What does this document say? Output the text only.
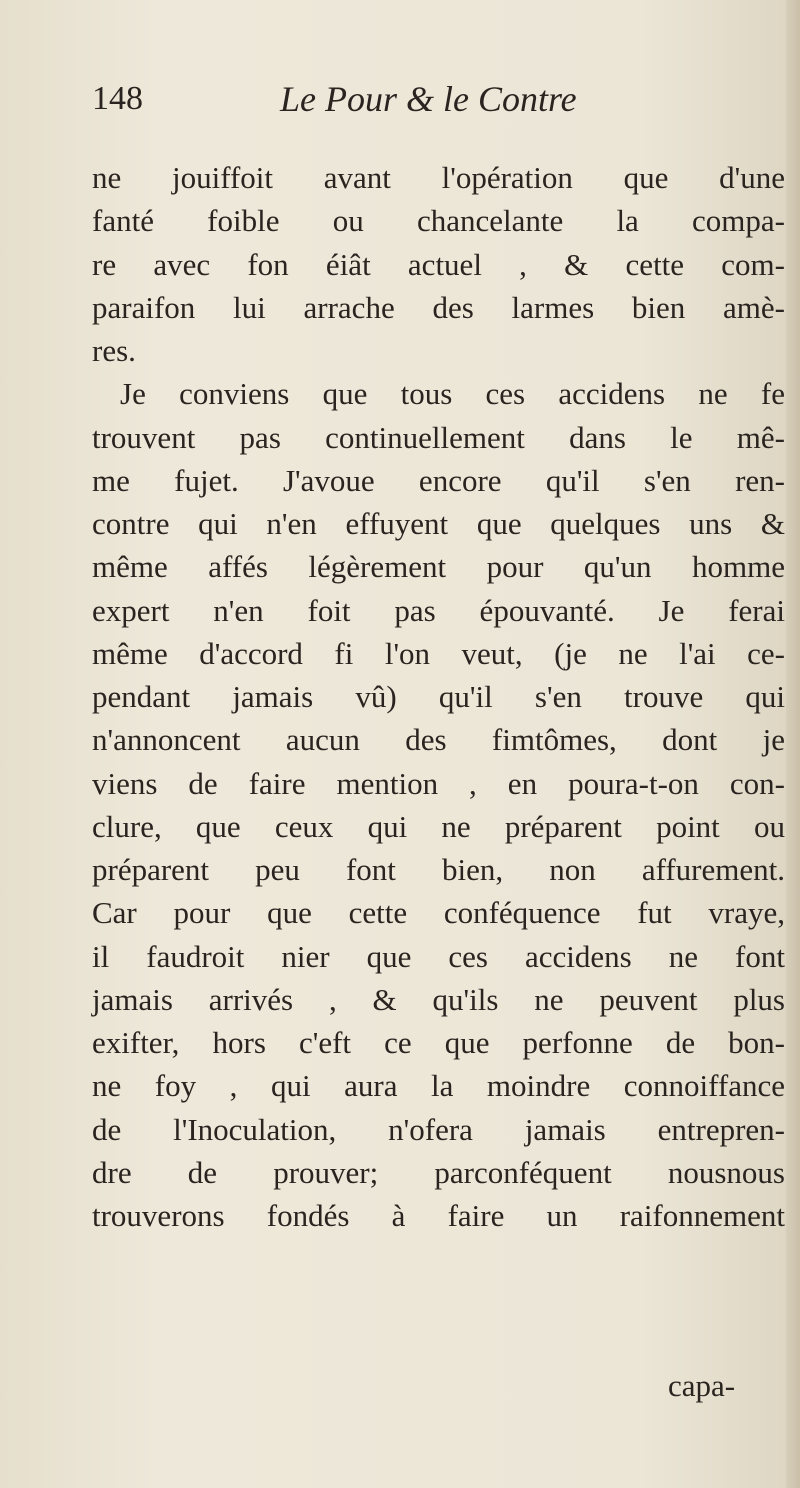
148	Le Pour & le Contre
ne jouiffoit avant l'opération que d'une
fanté foible ou chancelante la compa-
re avec fon éiât actuel , & cette com-
paraifon lui arrache des larmes bien amè-
res.
Je conviens que tous ces accidens ne fe
trouvent pas continuellement dans le mê-
me fujet. J'avoue encore qu'il s'en ren-
contre qui n'en effuyent que quelques uns &
même affés légèrement pour qu'un homme
expert n'en foit pas épouvanté. Je ferai
même d'accord fi l'on veut, (je ne l'ai ce-
pendant jamais vû) qu'il s'en trouve qui
n'annoncent aucun des fimtômes, dont je
viens de faire mention , en poura-t-on con-
clure, que ceux qui ne préparent point ou
préparent peu font bien, non affurement.
Car pour que cette conféquence fut vraye,
il faudroit nier que ces accidens ne font
jamais arrivés , & qu'ils ne peuvent plus
exifter, hors c'eft ce que perfonne de bon-
ne foy , qui aura la moindre connoiffance
de l'Inoculation, n'ofera jamais entrepren-
dre de prouver; parconféquent nousnous
trouverons fondés à faire un raifonnement
capa-
